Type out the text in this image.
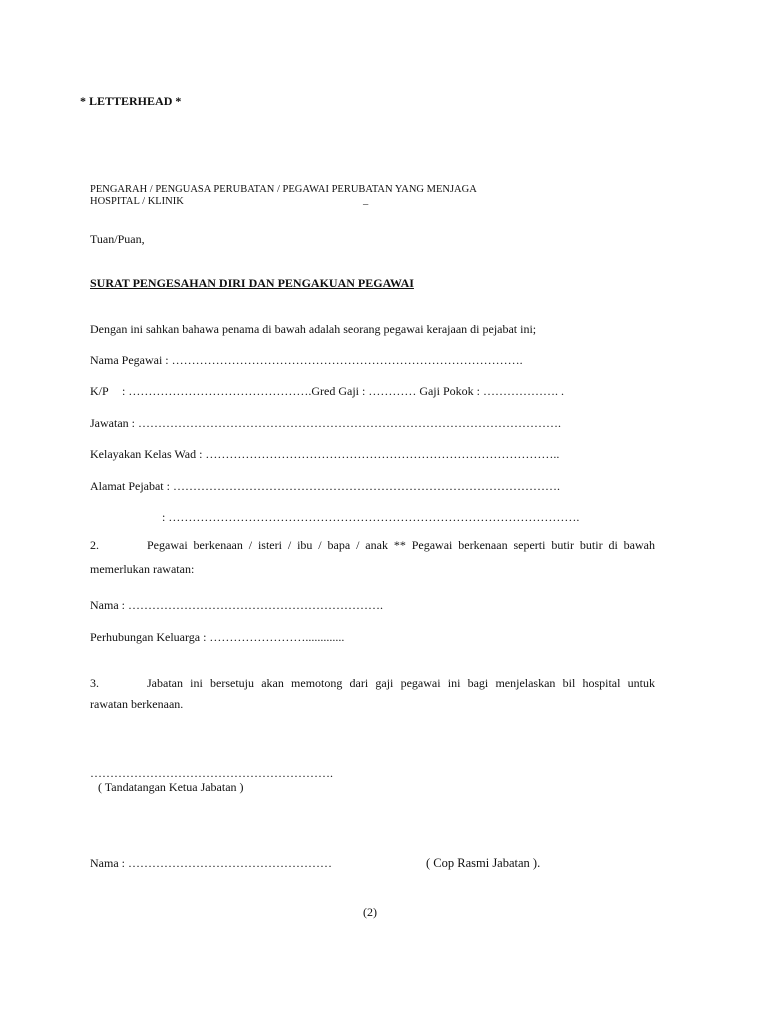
* LETTERHEAD *
PENGARAH / PENGUASA PERUBATAN / PEGAWAI PERUBATAN YANG MENJAGA
HOSPITAL / KLINIK	–
Tuan/Puan,
SURAT PENGESAHAN DIRI DAN PENGAKUAN PEGAWAI
Dengan ini sahkan bahawa penama di bawah adalah seorang pegawai kerajaan di pejabat ini;
Nama Pegawai : …………………………………………………………………………….
K/P : ……………………………………….Gred Gaji : ………… Gaji Pokok : ………………. .
Jawatan : …………………………………………………………………………………………….
Kelayakan Kelas Wad : ……………………………………………………………………………..
Alamat Pejabat : …………………………………………………………………………………….
: ………………………………………………………………………………………….
2.	Pegawai berkenaan / isteri / ibu / bapa / anak ** Pegawai berkenaan seperti butir butir di bawah
memerlukan rawatan:
Nama : ……………………………………………………….
Perhubungan Keluarga : …………………….............
3.	Jabatan ini bersetuju akan memotong dari gaji pegawai ini bagi menjelaskan bil hospital untuk
rawatan berkenaan.
…………………………………………………….
( Tandatangan Ketua Jabatan )
Nama : ……………………………………………	( Cop Rasmi Jabatan ).
(2)
